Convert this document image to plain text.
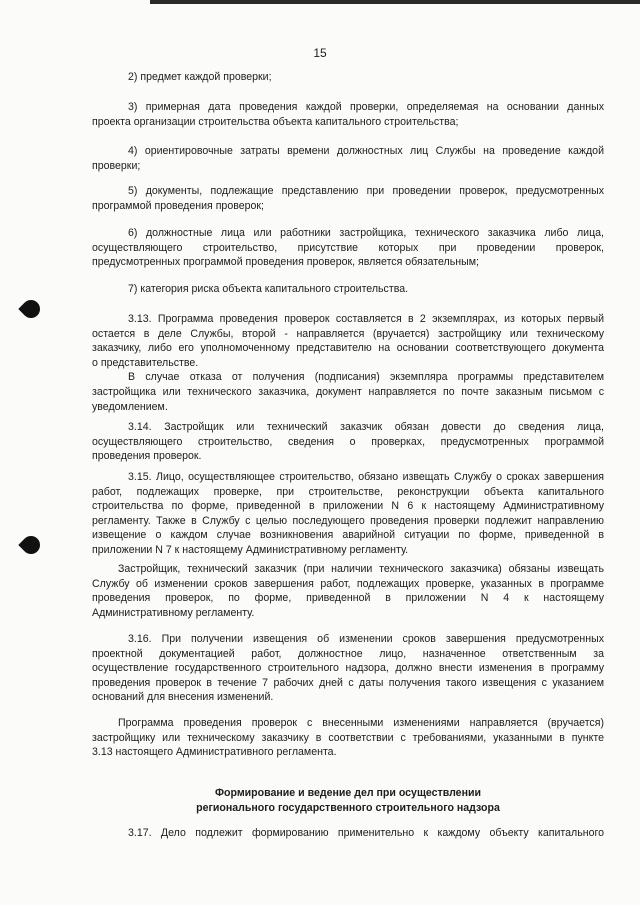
15
2) предмет каждой проверки;
3) примерная дата проведения каждой проверки, определяемая на основании данных
проекта организации строительства объекта капитального строительства;
4) ориентировочные затраты времени должностных лиц Службы на проведение каждой
проверки;
5) документы, подлежащие представлению при проведении проверок, предусмотренных
программой проведения проверок;
6) должностные лица или работники застройщика, технического заказчика либо лица,
осуществляющего строительство, присутствие которых при проведении проверок,
предусмотренных программой проведения проверок, является обязательным;
7) категория риска объекта капитального строительства.
3.13. Программа проведения проверок составляется в 2 экземплярах, из которых первый
остается в деле Службы, второй - направляется (вручается) застройщику или техническому
заказчику, либо его уполномоченному представителю на основании соответствующего документа
о представительстве.
В случае отказа от получения (подписания) экземпляра программы представителем
застройщика или технического заказчика, документ направляется по почте заказным письмом с
уведомлением.
3.14. Застройщик или технический заказчик обязан довести до сведения лица,
осуществляющего строительство, сведения о проверках, предусмотренных программой
проведения проверок.
3.15. Лицо, осуществляющее строительство, обязано извещать Службу о сроках завершения
работ, подлежащих проверке, при строительстве, реконструкции объекта капитального
строительства по форме, приведенной в приложении N 6 к настоящему Административному
регламенту. Также в Службу с целью последующего проведения проверки подлежит направлению
извещение о каждом случае возникновения аварийной ситуации по форме, приведенной в
приложении N 7 к настоящему Административному регламенту.
Застройщик, технический заказчик (при наличии технического заказчика) обязаны извещать
Службу об изменении сроков завершения работ, подлежащих проверке, указанных в программе
проведения проверок, по форме, приведенной в приложении N 4 к настоящему
Административному регламенту.
3.16. При получении извещения об изменении сроков завершения предусмотренных
проектной документацией работ, должностное лицо, назначенное ответственным за
осуществление государственного строительного надзора, должно внести изменения в программу
проведения проверок в течение 7 рабочих дней с даты получения такого извещения с указанием
оснований для внесения изменений.
Программа проведения проверок с внесенными изменениями направляется (вручается)
застройщику или техническому заказчику в соответствии с требованиями, указанными в пункте
3.13 настоящего Административного регламента.
Формирование и ведение дел при осуществлении
регионального государственного строительного надзора
3.17. Дело подлежит формированию применительно к каждому объекту капитального
